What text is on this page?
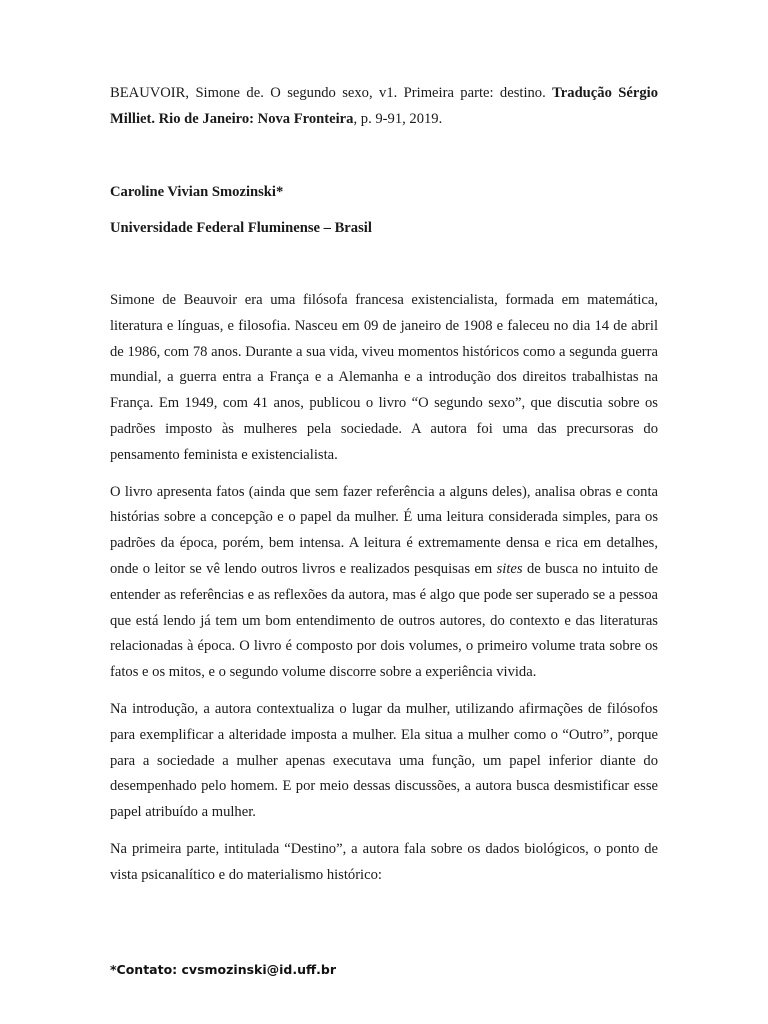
BEAUVOIR, Simone de. O segundo sexo, v1. Primeira parte: destino. Tradução Sérgio Milliet. Rio de Janeiro: Nova Fronteira, p. 9-91, 2019.

Caroline Vivian Smozinski*

Universidade Federal Fluminense – Brasil

Simone de Beauvoir era uma filósofa francesa existencialista, formada em matemática, literatura e línguas, e filosofia. Nasceu em 09 de janeiro de 1908 e faleceu no dia 14 de abril de 1986, com 78 anos. Durante a sua vida, viveu momentos históricos como a segunda guerra mundial, a guerra entra a França e a Alemanha e a introdução dos direitos trabalhistas na França. Em 1949, com 41 anos, publicou o livro “O segundo sexo”, que discutia sobre os padrões imposto às mulheres pela sociedade. A autora foi uma das precursoras do pensamento feminista e existencialista.

O livro apresenta fatos (ainda que sem fazer referência a alguns deles), analisa obras e conta histórias sobre a concepção e o papel da mulher. É uma leitura considerada simples, para os padrões da época, porém, bem intensa. A leitura é extremamente densa e rica em detalhes, onde o leitor se vê lendo outros livros e realizados pesquisas em sites de busca no intuito de entender as referências e as reflexões da autora, mas é algo que pode ser superado se a pessoa que está lendo já tem um bom entendimento de outros autores, do contexto e das literaturas relacionadas à época. O livro é composto por dois volumes, o primeiro volume trata sobre os fatos e os mitos, e o segundo volume discorre sobre a experiência vivida.

Na introdução, a autora contextualiza o lugar da mulher, utilizando afirmações de filósofos para exemplificar a alteridade imposta a mulher. Ela situa a mulher como o “Outro”, porque para a sociedade a mulher apenas executava uma função, um papel inferior diante do desempenhado pelo homem. E por meio dessas discussões, a autora busca desmistificar esse papel atribuído a mulher.

Na primeira parte, intitulada “Destino”, a autora fala sobre os dados biológicos, o ponto de vista psicanalítico e do materialismo histórico:

*Contato: cvsmozinski@id.uff.br
